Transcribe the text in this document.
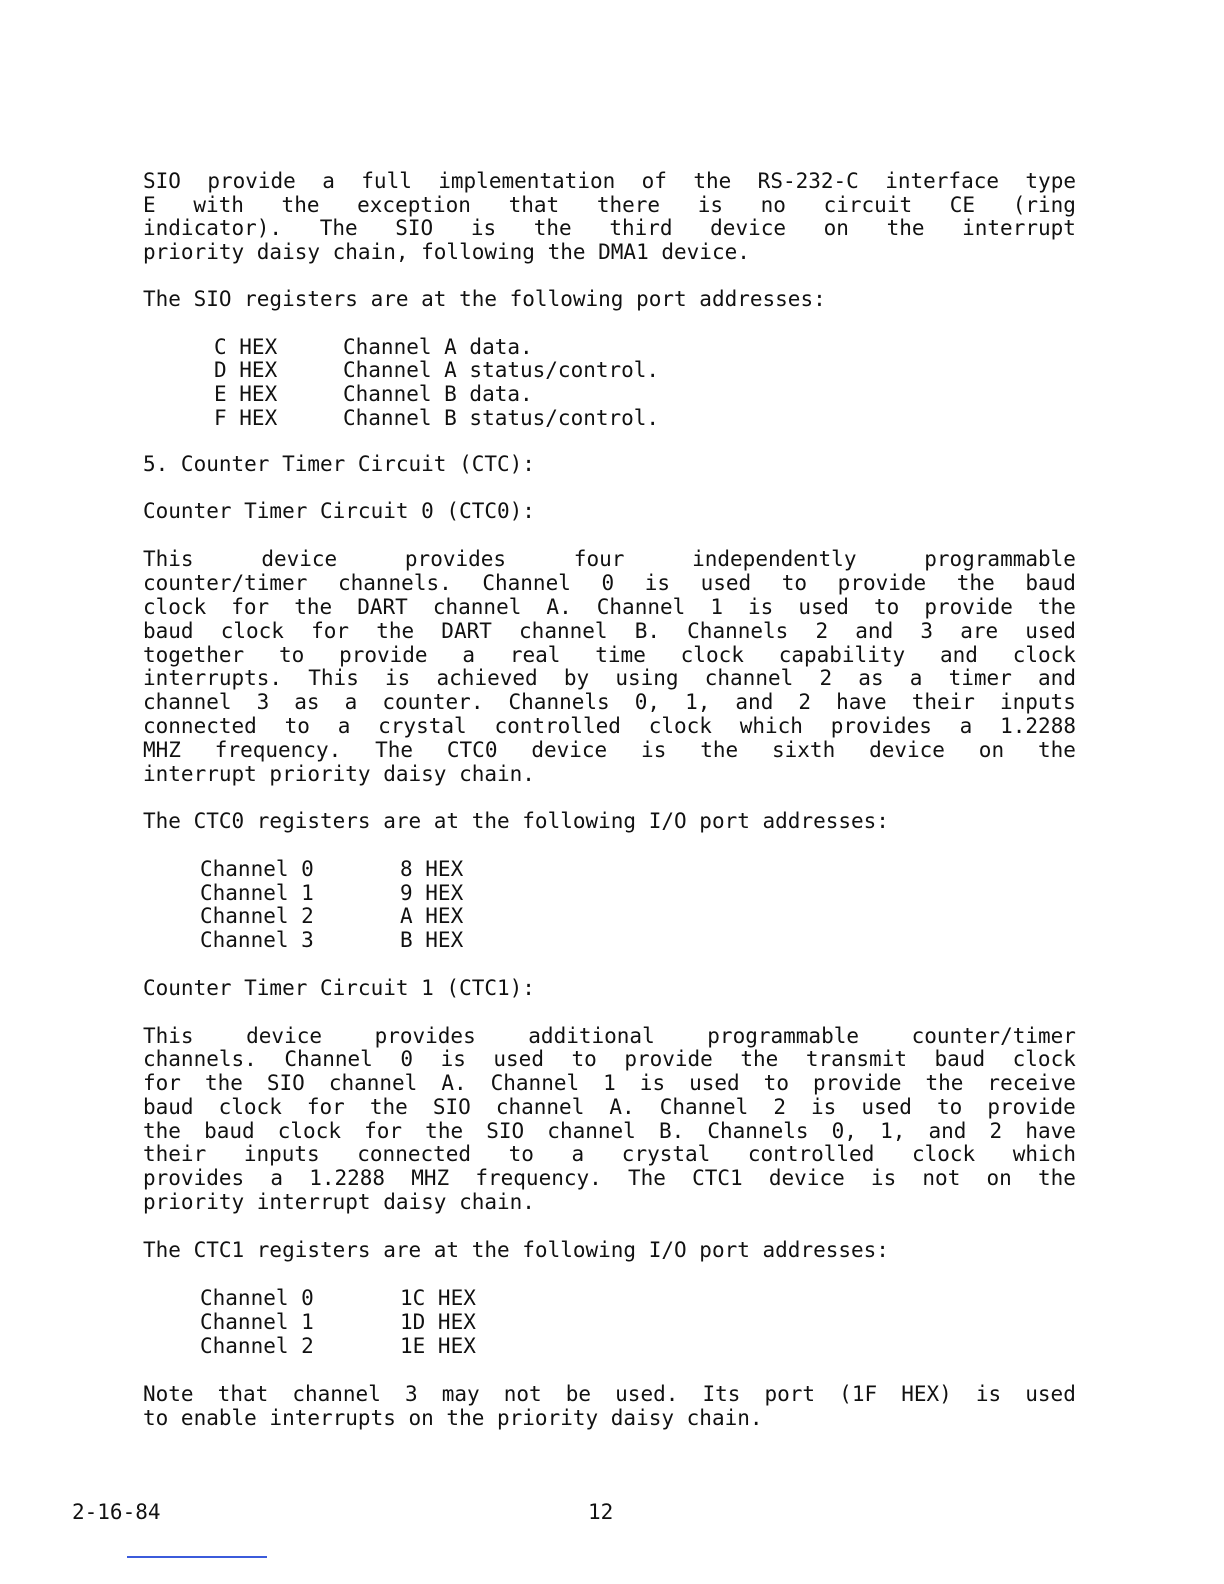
SIO provide a full implementation of the RS-232-C interface type
E with the exception that there is no circuit CE (ring
indicator). The SIO is the third device on the interrupt
priority daisy chain, following the DMA1 device.
The SIO registers are at the following port addresses:
C HEX	Channel A data.
D HEX	Channel A status/control.
E HEX	Channel B data.
F HEX	Channel B status/control.
5. Counter Timer Circuit (CTC):
Counter Timer Circuit 0 (CTC0):
This	device	provides	four	independently	programmable
counter/timer channels. Channel 0 is used to provide the baud
clock for the DART channel A. Channel 1 is used to provide the
baud clock for the DART channel B. Channels 2 and 3 are used
together to provide a real time clock capability and clock
interrupts. This is achieved by using channel 2 as a timer and
channel 3 as a counter. Channels 0, 1, and 2 have their inputs
connected to a crystal controlled clock which provides a 1.2288
MHZ frequency. The CTC0 device is the sixth device on the
interrupt priority daisy chain.
The CTC0 registers are at the following I/O port addresses:
Channel 0	8 HEX
Channel 1	9 HEX
Channel 2	A HEX
Channel 3	B HEX
Counter Timer Circuit 1 (CTC1):
This	device	provides	additional	programmable	counter/timer
channels. Channel 0 is used to provide the transmit baud clock
for the SIO channel A. Channel 1 is used to provide the receive
baud clock for the SIO channel A. Channel 2 is used to provide
the baud clock for the SIO channel B. Channels 0, 1, and 2 have
their inputs connected to a crystal controlled clock which
provides a 1.2288 MHZ frequency. The CTC1 device is not on the
priority interrupt daisy chain.
The CTC1 registers are at the following I/O port addresses:
Channel 0	1C HEX
Channel 1	1D HEX
Channel 2	1E HEX
Note that channel 3 may not be used. Its port (1F HEX) is used
to enable interrupts on the priority daisy chain.
2-16-84	12
